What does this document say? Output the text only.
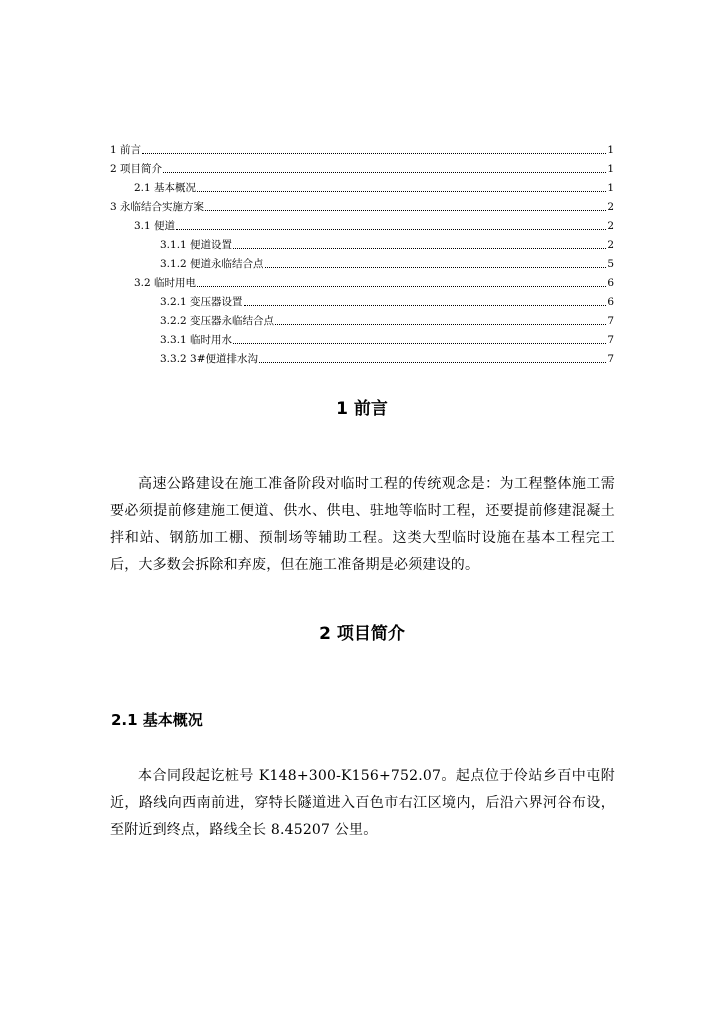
1 前言	1
2 项目简介	1
2.1 基本概况	1
3 永临结合实施方案	2
3.1 便道	2
3.1.1 便道设置	2
3.1.2 便道永临结合点	5
3.2 临时用电	6
3.2.1 变压器设置	6
3.2.2 变压器永临结合点	7
3.3.1 临时用水	7
3.3.2 3#便道排水沟	7
1 前言

高速公路建设在施工准备阶段对临时工程的传统观念是：为工程整体施工需要必须提前修建施工便道、供水、供电、驻地等临时工程，还要提前修建混凝土拌和站、钢筋加工棚、预制场等辅助工程。这类大型临时设施在基本工程完工后，大多数会拆除和弃废，但在施工准备期是必须建设的。

2 项目简介
2.1 基本概况

本合同段起讫桩号 K148+300-K156+752.07。起点位于伶站乡百中屯附近，路线向西南前进，穿特长隧道进入百色市右江区境内，后沿六界河谷布设，至附近到终点，路线全长 8.45207 公里。
